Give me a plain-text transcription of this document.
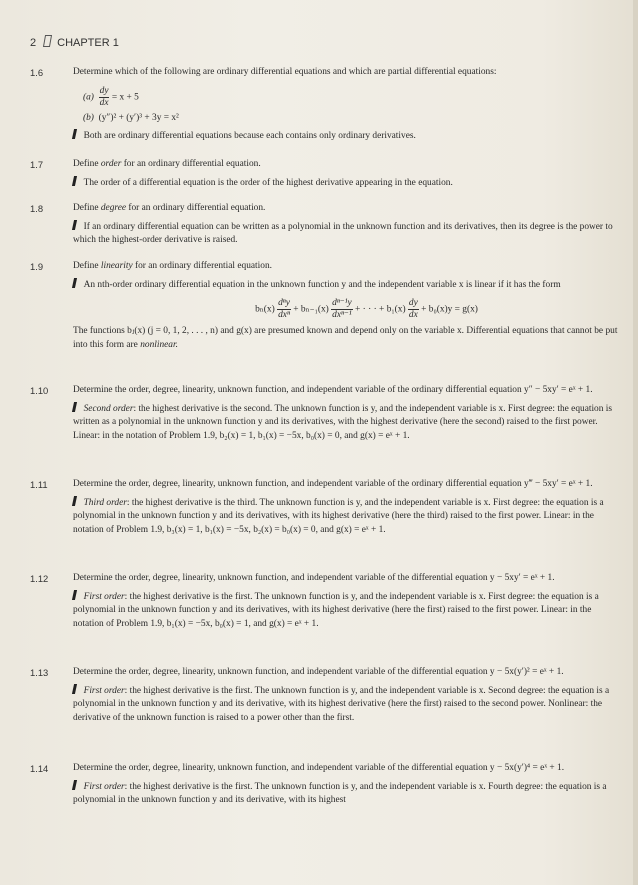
2 CHAPTER 1
1.6	Determine which of the following are ordinary differential equations and which are partial differential equations:
$(a) \frac{dy}{dx} = x + 5$
(b) (y″)² + (y′)³ + 3y = x²
Both are ordinary differential equations because each contains only ordinary derivatives.
1.7	Define order for an ordinary differential equation.
The order of a differential equation is the order of the highest derivative appearing in the equation.
1.8	Define degree for an ordinary differential equation.
If an ordinary differential equation can be written as a polynomial in the unknown function and its derivatives, then its degree is the power to which the highest-order derivative is raised.
1.9	Define linearity for an ordinary differential equation.
An nth-order ordinary differential equation in the unknown function y and the independent variable x is linear if it has the form
$b_n(x) \frac{\text{dⁿy}}{\text{dxⁿ}} + b_{n-1}(x) \frac{\text{dⁿ⁻¹y}}{\text{dxⁿ⁻¹}}$ + · · · + $b_1(x) \frac{dy}{dx} + b_0(x)y = g(x)$
The functions bⱼ(x) (j = 0, 1, 2, . . . , n) and g(x) are presumed known and depend only on the variable x. Differential equations that cannot be put into this form are nonlinear.
1.10	Determine the order, degree, linearity, unknown function, and independent variable of the ordinary differential equation y″ − 5xy′ = eˣ + 1.
Second order: the highest derivative is the second. The unknown function is y, and the independent variable is x. First degree: the equation is written as a polynomial in the unknown function y and its derivatives, with the highest derivative (here the second) raised to the first power. Linear: in the notation of Problem 1.9, b₂(x) = 1, b₁(x) = −5x, b₀(x) = 0, and g(x) = eˣ + 1.
1.11	Determine the order, degree, linearity, unknown function, and independent variable of the ordinary differential equation y‴ − 5xy′ = eˣ + 1.
Third order: the highest derivative is the third. The unknown function is y, and the independent variable is x. First degree: the equation is a polynomial in the unknown function y and its derivatives, with its highest derivative (here the third) raised to the first power. Linear: in the notation of Problem 1.9, b₃(x) = 1, b₁(x) = −5x, b₂(x) = b₀(x) = 0, and g(x) = eˣ + 1.
1.12	Determine the order, degree, linearity, unknown function, and independent variable of the differential equation y − 5xy′ = eˣ + 1.
First order: the highest derivative is the first. The unknown function is y, and the independent variable is x. First degree: the equation is a polynomial in the unknown function y and its derivatives, with its highest derivative (here the first) raised to the first power. Linear: in the notation of Problem 1.9, b₁(x) = −5x, b₀(x) = 1, and g(x) = eˣ + 1.
1.13	Determine the order, degree, linearity, unknown function, and independent variable of the differential equation y − 5x(y′)² = eˣ + 1.
First order: the highest derivative is the first. The unknown function is y, and the independent variable is x. Second degree: the equation is a polynomial in the unknown function y and its derivative, with its highest derivative (here the first) raised to the second power. Nonlinear: the derivative of the unknown function is raised to a power other than the first.
1.14	Determine the order, degree, linearity, unknown function, and independent variable of the differential equation y − 5x(y′)⁴ = eˣ + 1.
First order: the highest derivative is the first. The unknown function is y, and the independent variable is x. Fourth degree: the equation is a polynomial in the unknown function y and its derivative, with its highest
